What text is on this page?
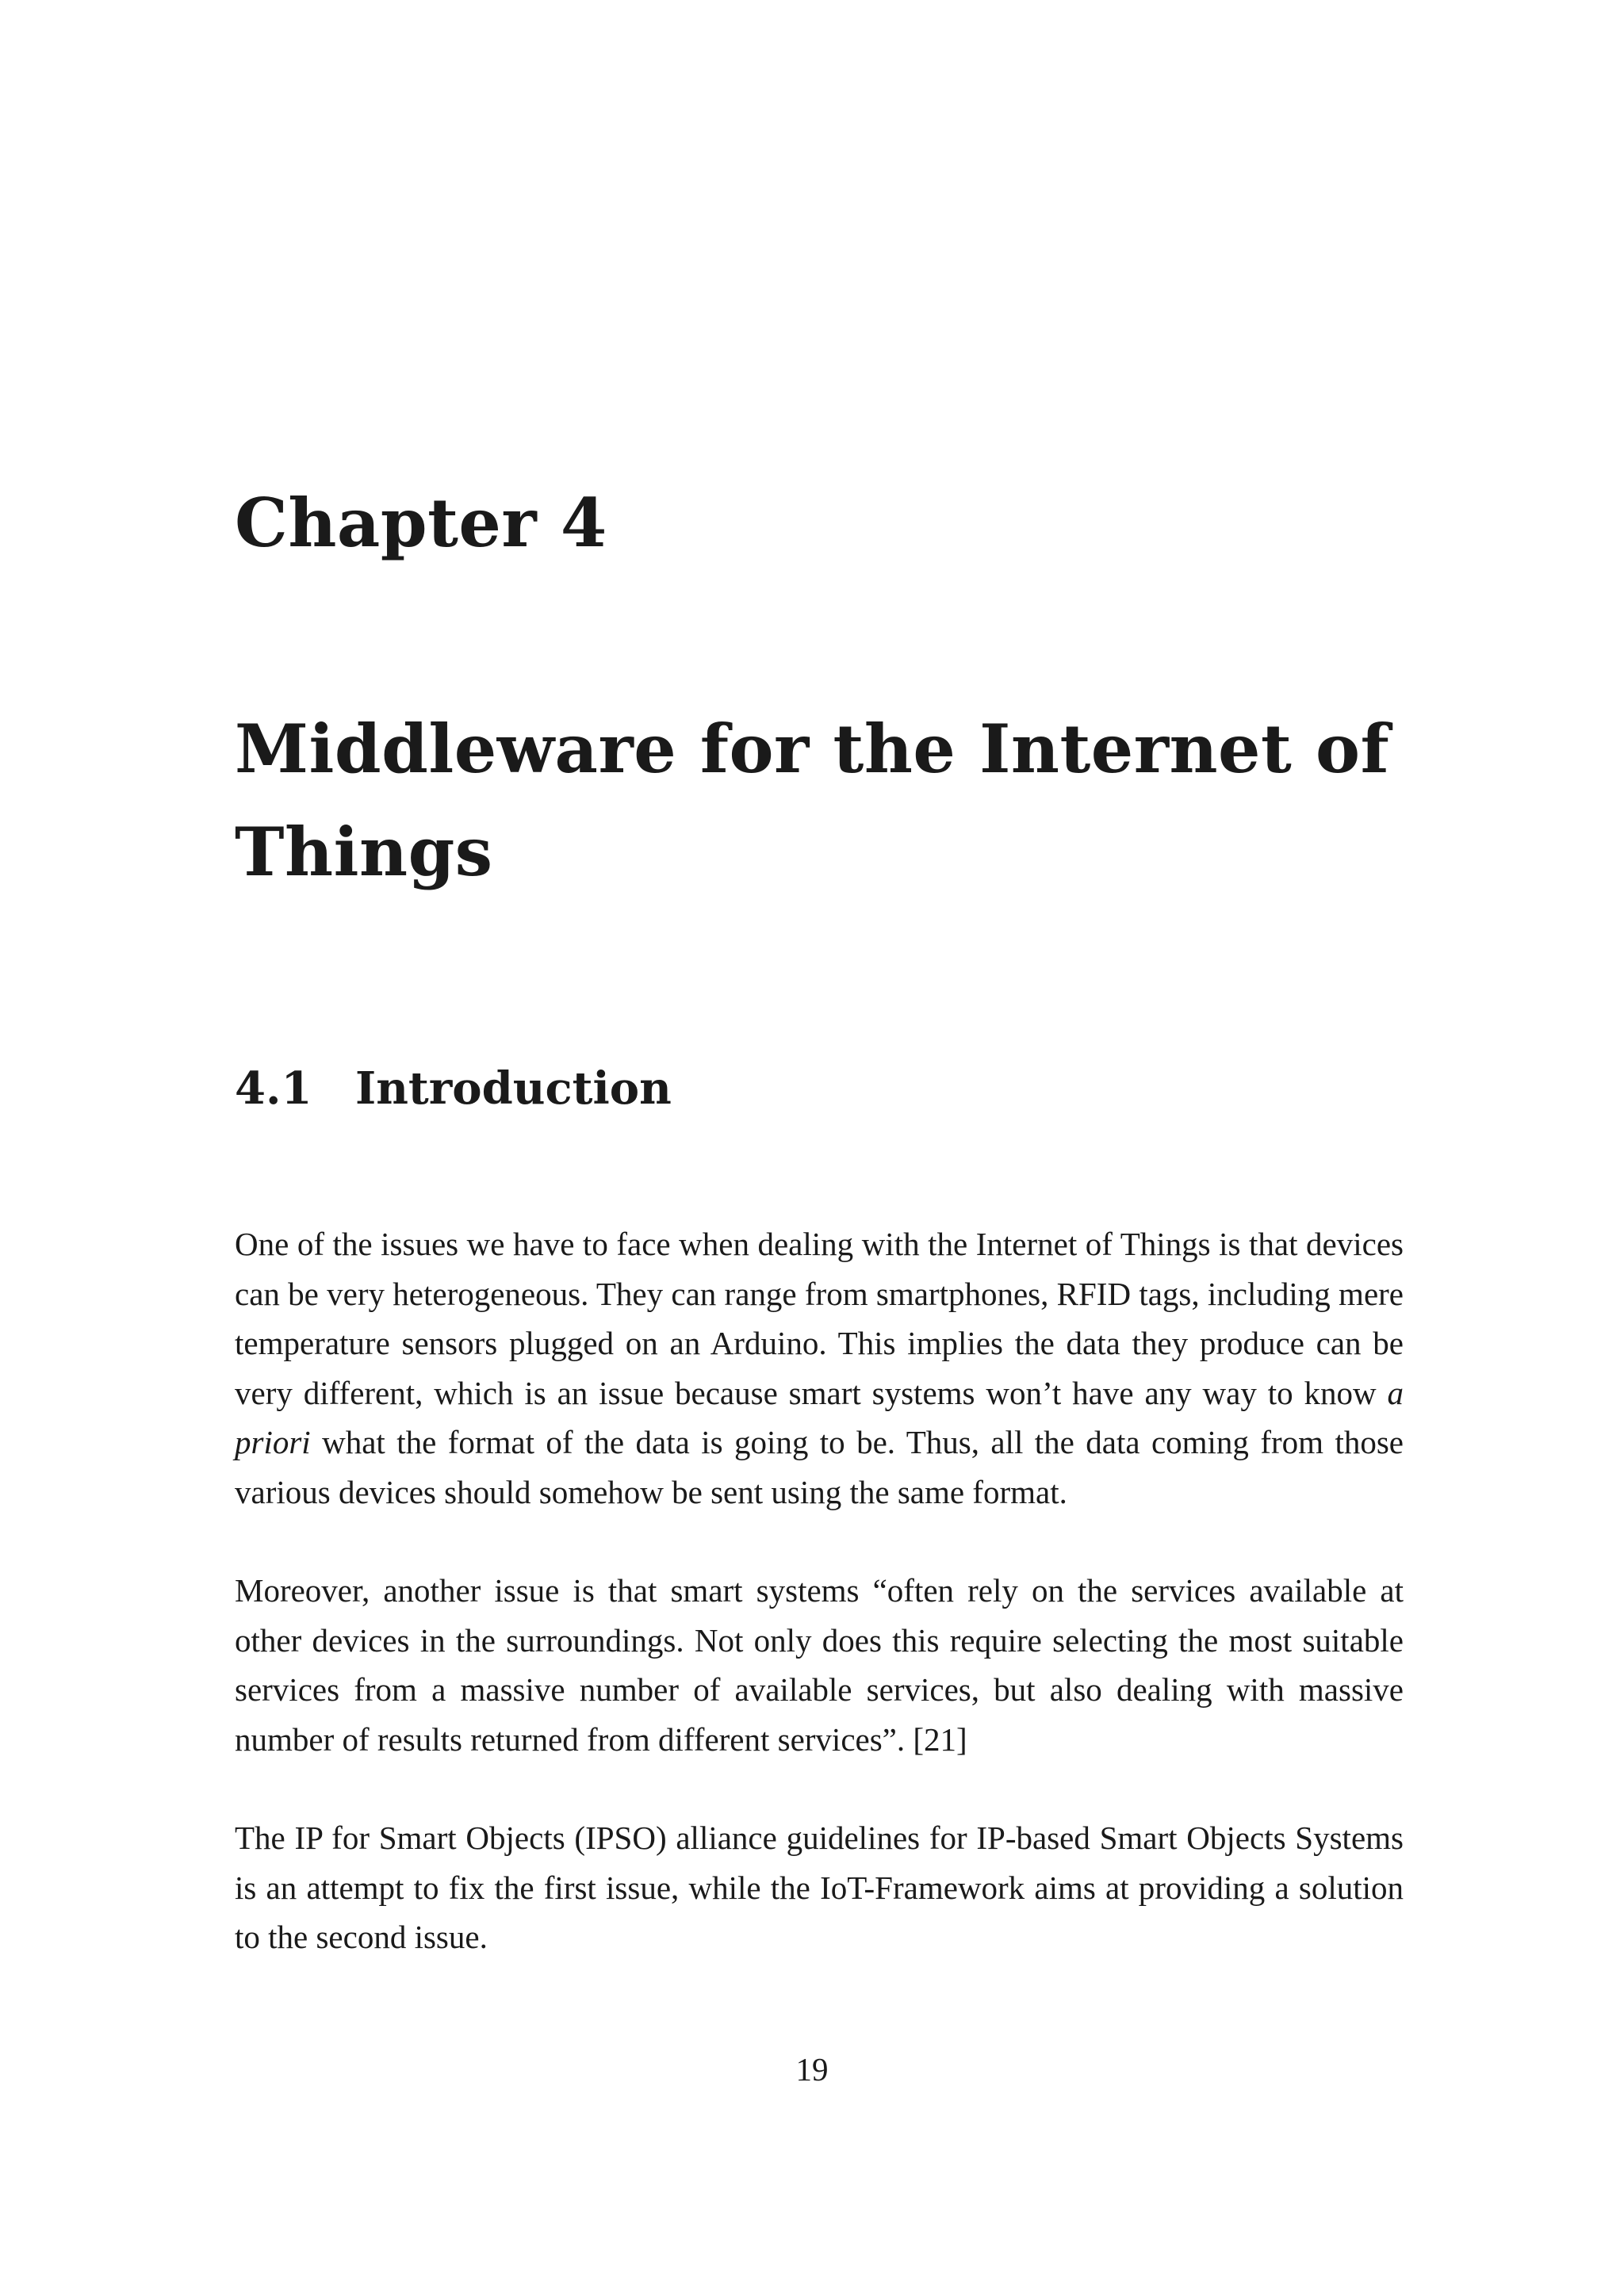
Chapter 4
Middleware for the Internet of Things
4.1 Introduction

One of the issues we have to face when dealing with the Internet of Things is that devices can be very heterogeneous. They can range from smartphones, RFID tags, including mere temperature sensors plugged on an Arduino. This implies the data they produce can be very different, which is an issue because smart systems won’t have any way to know a priori what the format of the data is going to be. Thus, all the data coming from those various devices should somehow be sent using the same format.

Moreover, another issue is that smart systems “often rely on the services available at other devices in the surroundings. Not only does this require selecting the most suitable services from a massive number of available services, but also dealing with massive number of results returned from different services”. [21]

The IP for Smart Objects (IPSO) alliance guidelines for IP-based Smart Objects Systems is an attempt to fix the first issue, while the IoT-Framework aims at providing a solution to the second issue.

19
